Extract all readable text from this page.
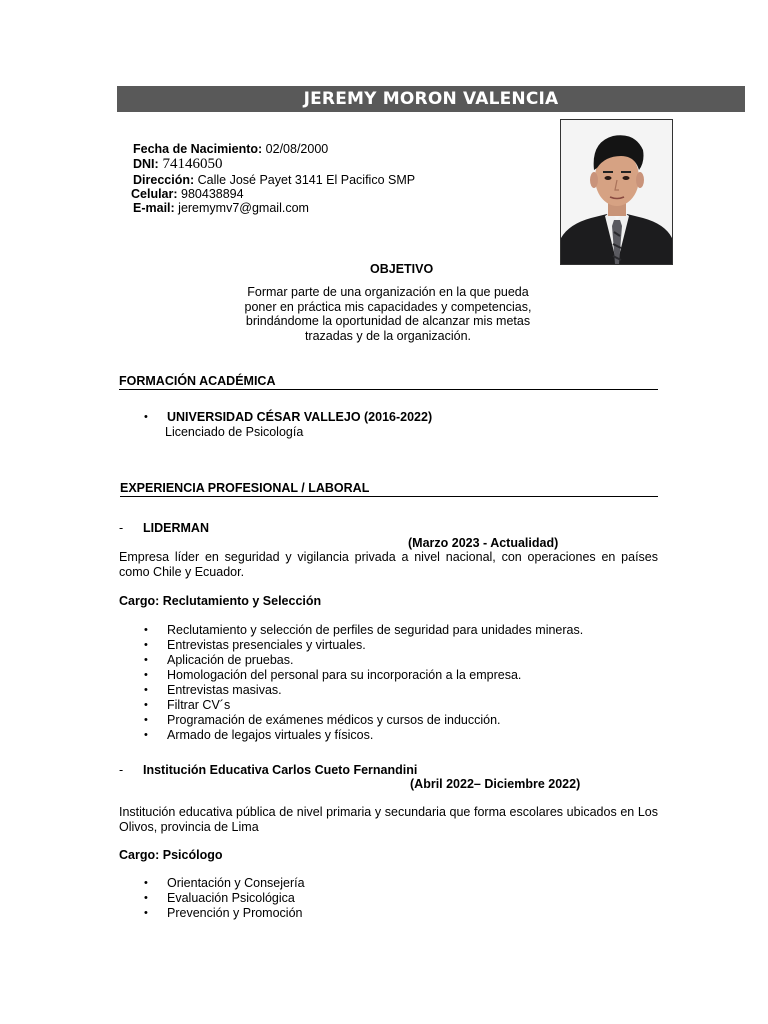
JEREMY MORON VALENCIA
Fecha de Nacimiento: 02/08/2000
DNI: 74146050
Dirección: Calle José Payet 3141 El Pacifico SMP
Celular: 980438894
E-mail: jeremymv7@gmail.com
OBJETIVO
Formar parte de una organización en la que pueda
poner en práctica mis capacidades y competencias,
brindándome la oportunidad de alcanzar mis metas
trazadas y de la organización.
FORMACIÓN ACADÉMICA
• UNIVERSIDAD CÉSAR VALLEJO (2016-2022)
Licenciado de Psicología
EXPERIENCIA PROFESIONAL / LABORAL
- LIDERMAN
(Marzo 2023 - Actualidad)
Empresa líder en seguridad y vigilancia privada a nivel nacional, con operaciones en países como Chile y Ecuador.
Cargo: Reclutamiento y Selección
• Reclutamiento y selección de perfiles de seguridad para unidades mineras.
• Entrevistas presenciales y virtuales.
• Aplicación de pruebas.
• Homologación del personal para su incorporación a la empresa.
• Entrevistas masivas.
• Filtrar CV´s
• Programación de exámenes médicos y cursos de inducción.
• Armado de legajos virtuales y físicos.
- Institución Educativa Carlos Cueto Fernandini
(Abril 2022– Diciembre 2022)
Institución educativa pública de nivel primaria y secundaria que forma escolares ubicados en Los Olivos, provincia de Lima
Cargo: Psicólogo
• Orientación y Consejería
• Evaluación Psicológica
• Prevención y Promoción
